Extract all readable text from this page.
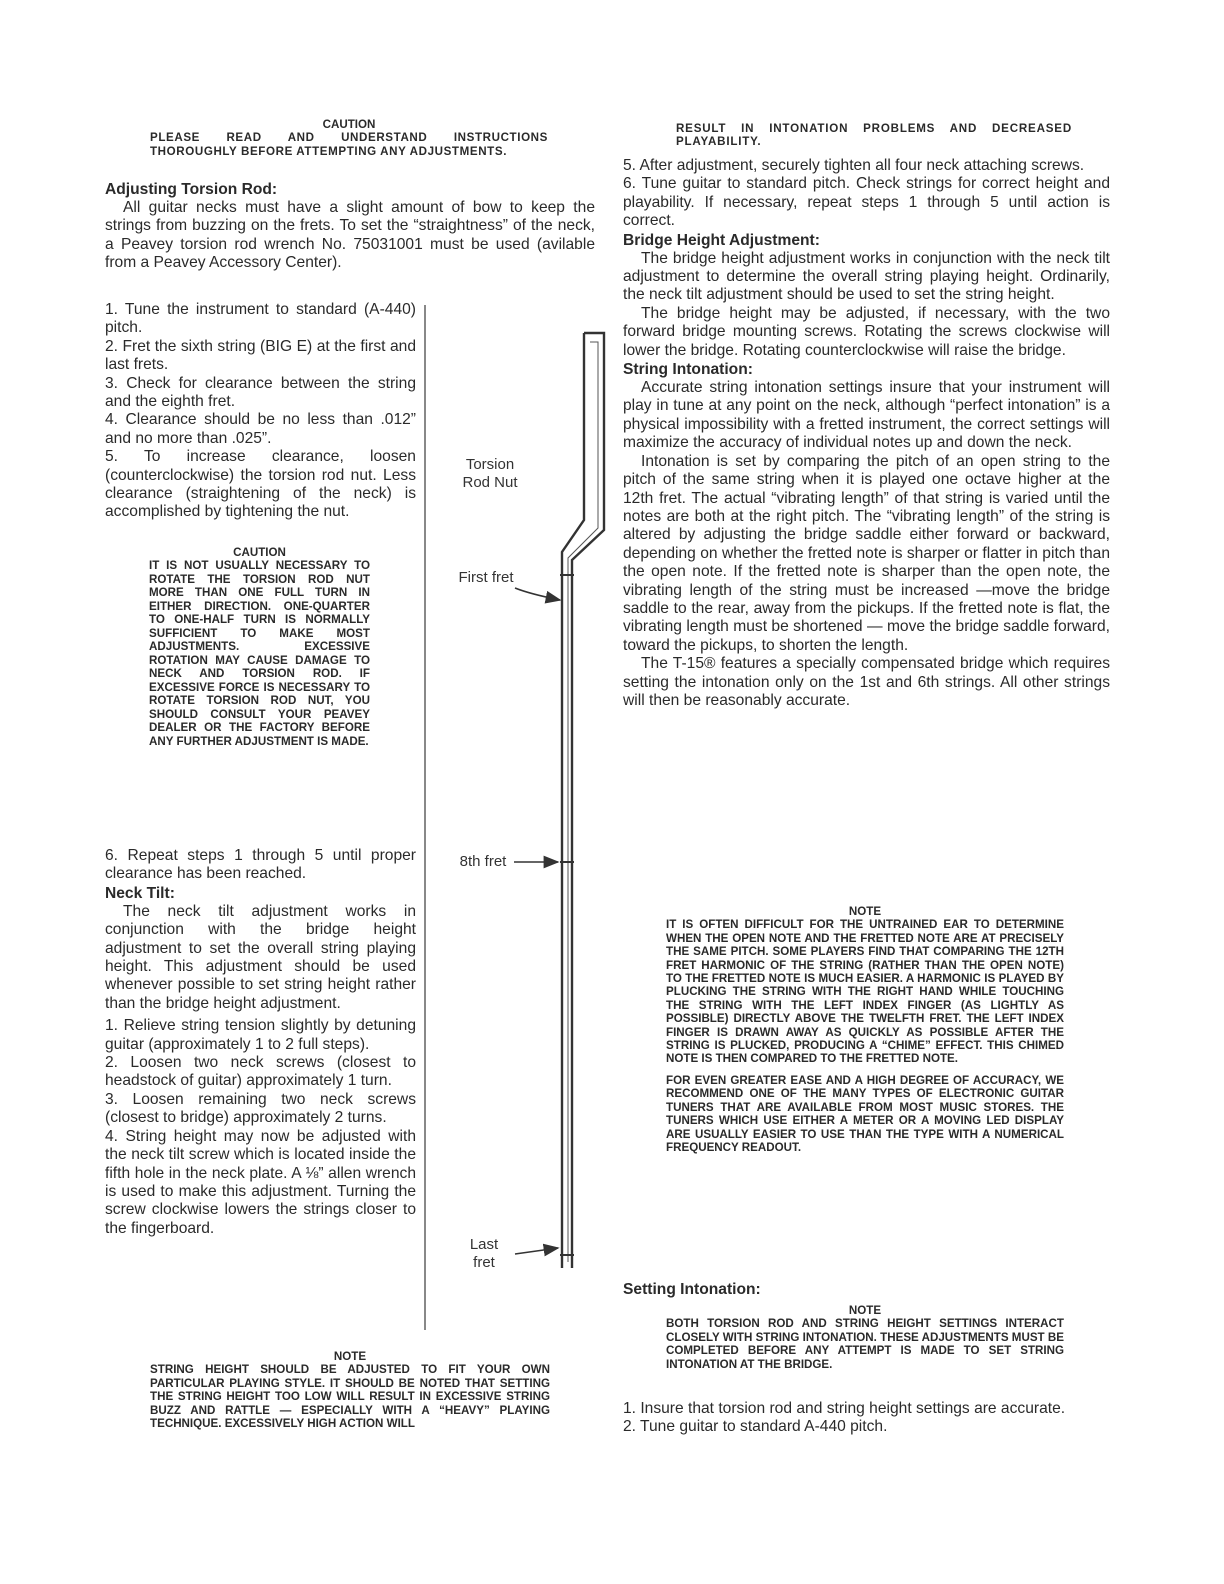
CAUTION

PLEASE READ AND UNDERSTAND INSTRUCTIONS THOROUGHLY BEFORE ATTEMPTING ANY ADJUSTMENTS.

Adjusting Torsion Rod:

All guitar necks must have a slight amount of bow to keep the strings from buzzing on the frets. To set the “straightness” of the neck, a Peavey torsion rod wrench No. 75031001 must be used (avilable from a Peavey Accessory Center).

1. Tune the instrument to standard (A-440) pitch.

2. Fret the sixth string (BIG E) at the first and last frets.

3. Check for clearance between the string and the eighth fret.

4. Clearance should be no less than .012” and no more than .025”.

5. To increase clearance, loosen (counterclockwise) the torsion rod nut. Less clearance (straightening of the neck) is accomplished by tightening the nut.

CAUTION

IT IS NOT USUALLY NECESSARY TO ROTATE THE TORSION ROD NUT MORE THAN ONE FULL TURN IN EITHER DIRECTION. ONE-QUARTER TO ONE-HALF TURN IS NORMALLY SUFFICIENT TO MAKE MOST ADJUSTMENTS. EXCESSIVE ROTATION MAY CAUSE DAMAGE TO NECK AND TORSION ROD. IF EXCESSIVE FORCE IS NECESSARY TO ROTATE TORSION ROD NUT, YOU SHOULD CONSULT YOUR PEAVEY DEALER OR THE FACTORY BEFORE ANY FURTHER ADJUSTMENT IS MADE.

6. Repeat steps 1 through 5 until proper clearance has been reached.

Neck Tilt:

The neck tilt adjustment works in conjunction with the bridge height adjustment to set the overall string playing height. This adjustment should be used whenever possible to set string height rather than the bridge height adjustment.

1. Relieve string tension slightly by detuning guitar (approximately 1 to 2 full steps).

2. Loosen two neck screws (closest to headstock of guitar) approximately 1 turn.

3. Loosen remaining two neck screws (closest to bridge) approximately 2 turns.

4. String height may now be adjusted with the neck tilt screw which is located inside the fifth hole in the neck plate. A ⅛” allen wrench is used to make this adjustment. Turning the screw clockwise lowers the strings closer to the fingerboard.

NOTE

STRING HEIGHT SHOULD BE ADJUSTED TO FIT YOUR OWN PARTICULAR PLAYING STYLE. IT SHOULD BE NOTED THAT SETTING THE STRING HEIGHT TOO LOW WILL RESULT IN EXCESSIVE STRING BUZZ AND RATTLE — ESPECIALLY WITH A “HEAVY” PLAYING TECHNIQUE. EXCESSIVELY HIGH ACTION WILL

Torsion Rod Nut
First fret
8th fret
Last fret

RESULT IN INTONATION PROBLEMS AND DECREASED PLAYABILITY.

5. After adjustment, securely tighten all four neck attaching screws.

6. Tune guitar to standard pitch. Check strings for correct height and playability. If necessary, repeat steps 1 through 5 until action is correct.

Bridge Height Adjustment:

The bridge height adjustment works in conjunction with the neck tilt adjustment to determine the overall string playing height. Ordinarily, the neck tilt adjustment should be used to set the string height.

The bridge height may be adjusted, if necessary, with the two forward bridge mounting screws. Rotating the screws clockwise will lower the bridge. Rotating counterclockwise will raise the bridge.

String Intonation:

Accurate string intonation settings insure that your instrument will play in tune at any point on the neck, although “perfect intonation” is a physical impossibility with a fretted instrument, the correct settings will maximize the accuracy of individual notes up and down the neck.

Intonation is set by comparing the pitch of an open string to the pitch of the same string when it is played one octave higher at the 12th fret. The actual “vibrating length” of that string is varied until the notes are both at the right pitch. The “vibrating length” of the string is altered by adjusting the bridge saddle either forward or backward, depending on whether the fretted note is sharper or flatter in pitch than the open note. If the fretted note is sharper than the open note, the vibrating length of the string must be increased —move the bridge saddle to the rear, away from the pickups. If the fretted note is flat, the vibrating length must be shortened — move the bridge saddle forward, toward the pickups, to shorten the length.

The T-15® features a specially compensated bridge which requires setting the intonation only on the 1st and 6th strings. All other strings will then be reasonably accurate.

NOTE

IT IS OFTEN DIFFICULT FOR THE UNTRAINED EAR TO DETERMINE WHEN THE OPEN NOTE AND THE FRETTED NOTE ARE AT PRECISELY THE SAME PITCH. SOME PLAYERS FIND THAT COMPARING THE 12TH FRET HARMONIC OF THE STRING (RATHER THAN THE OPEN NOTE) TO THE FRETTED NOTE IS MUCH EASIER. A HARMONIC IS PLAYED BY PLUCKING THE STRING WITH THE RIGHT HAND WHILE TOUCHING THE STRING WITH THE LEFT INDEX FINGER (AS LIGHTLY AS POSSIBLE) DIRECTLY ABOVE THE TWELFTH FRET. THE LEFT INDEX FINGER IS DRAWN AWAY AS QUICKLY AS POSSIBLE AFTER THE STRING IS PLUCKED, PRODUCING A “CHIME” EFFECT. THIS CHIMED NOTE IS THEN COMPARED TO THE FRETTED NOTE.

FOR EVEN GREATER EASE AND A HIGH DEGREE OF ACCURACY, WE RECOMMEND ONE OF THE MANY TYPES OF ELECTRONIC GUITAR TUNERS THAT ARE AVAILABLE FROM MOST MUSIC STORES. THE TUNERS WHICH USE EITHER A METER OR A MOVING LED DISPLAY ARE USUALLY EASIER TO USE THAN THE TYPE WITH A NUMERICAL FREQUENCY READOUT.

Setting Intonation:

NOTE

BOTH TORSION ROD AND STRING HEIGHT SETTINGS INTERACT CLOSELY WITH STRING INTONATION. THESE ADJUSTMENTS MUST BE COMPLETED BEFORE ANY ATTEMPT IS MADE TO SET STRING INTONATION AT THE BRIDGE.

1. Insure that torsion rod and string height settings are accurate.

2. Tune guitar to standard A-440 pitch.
